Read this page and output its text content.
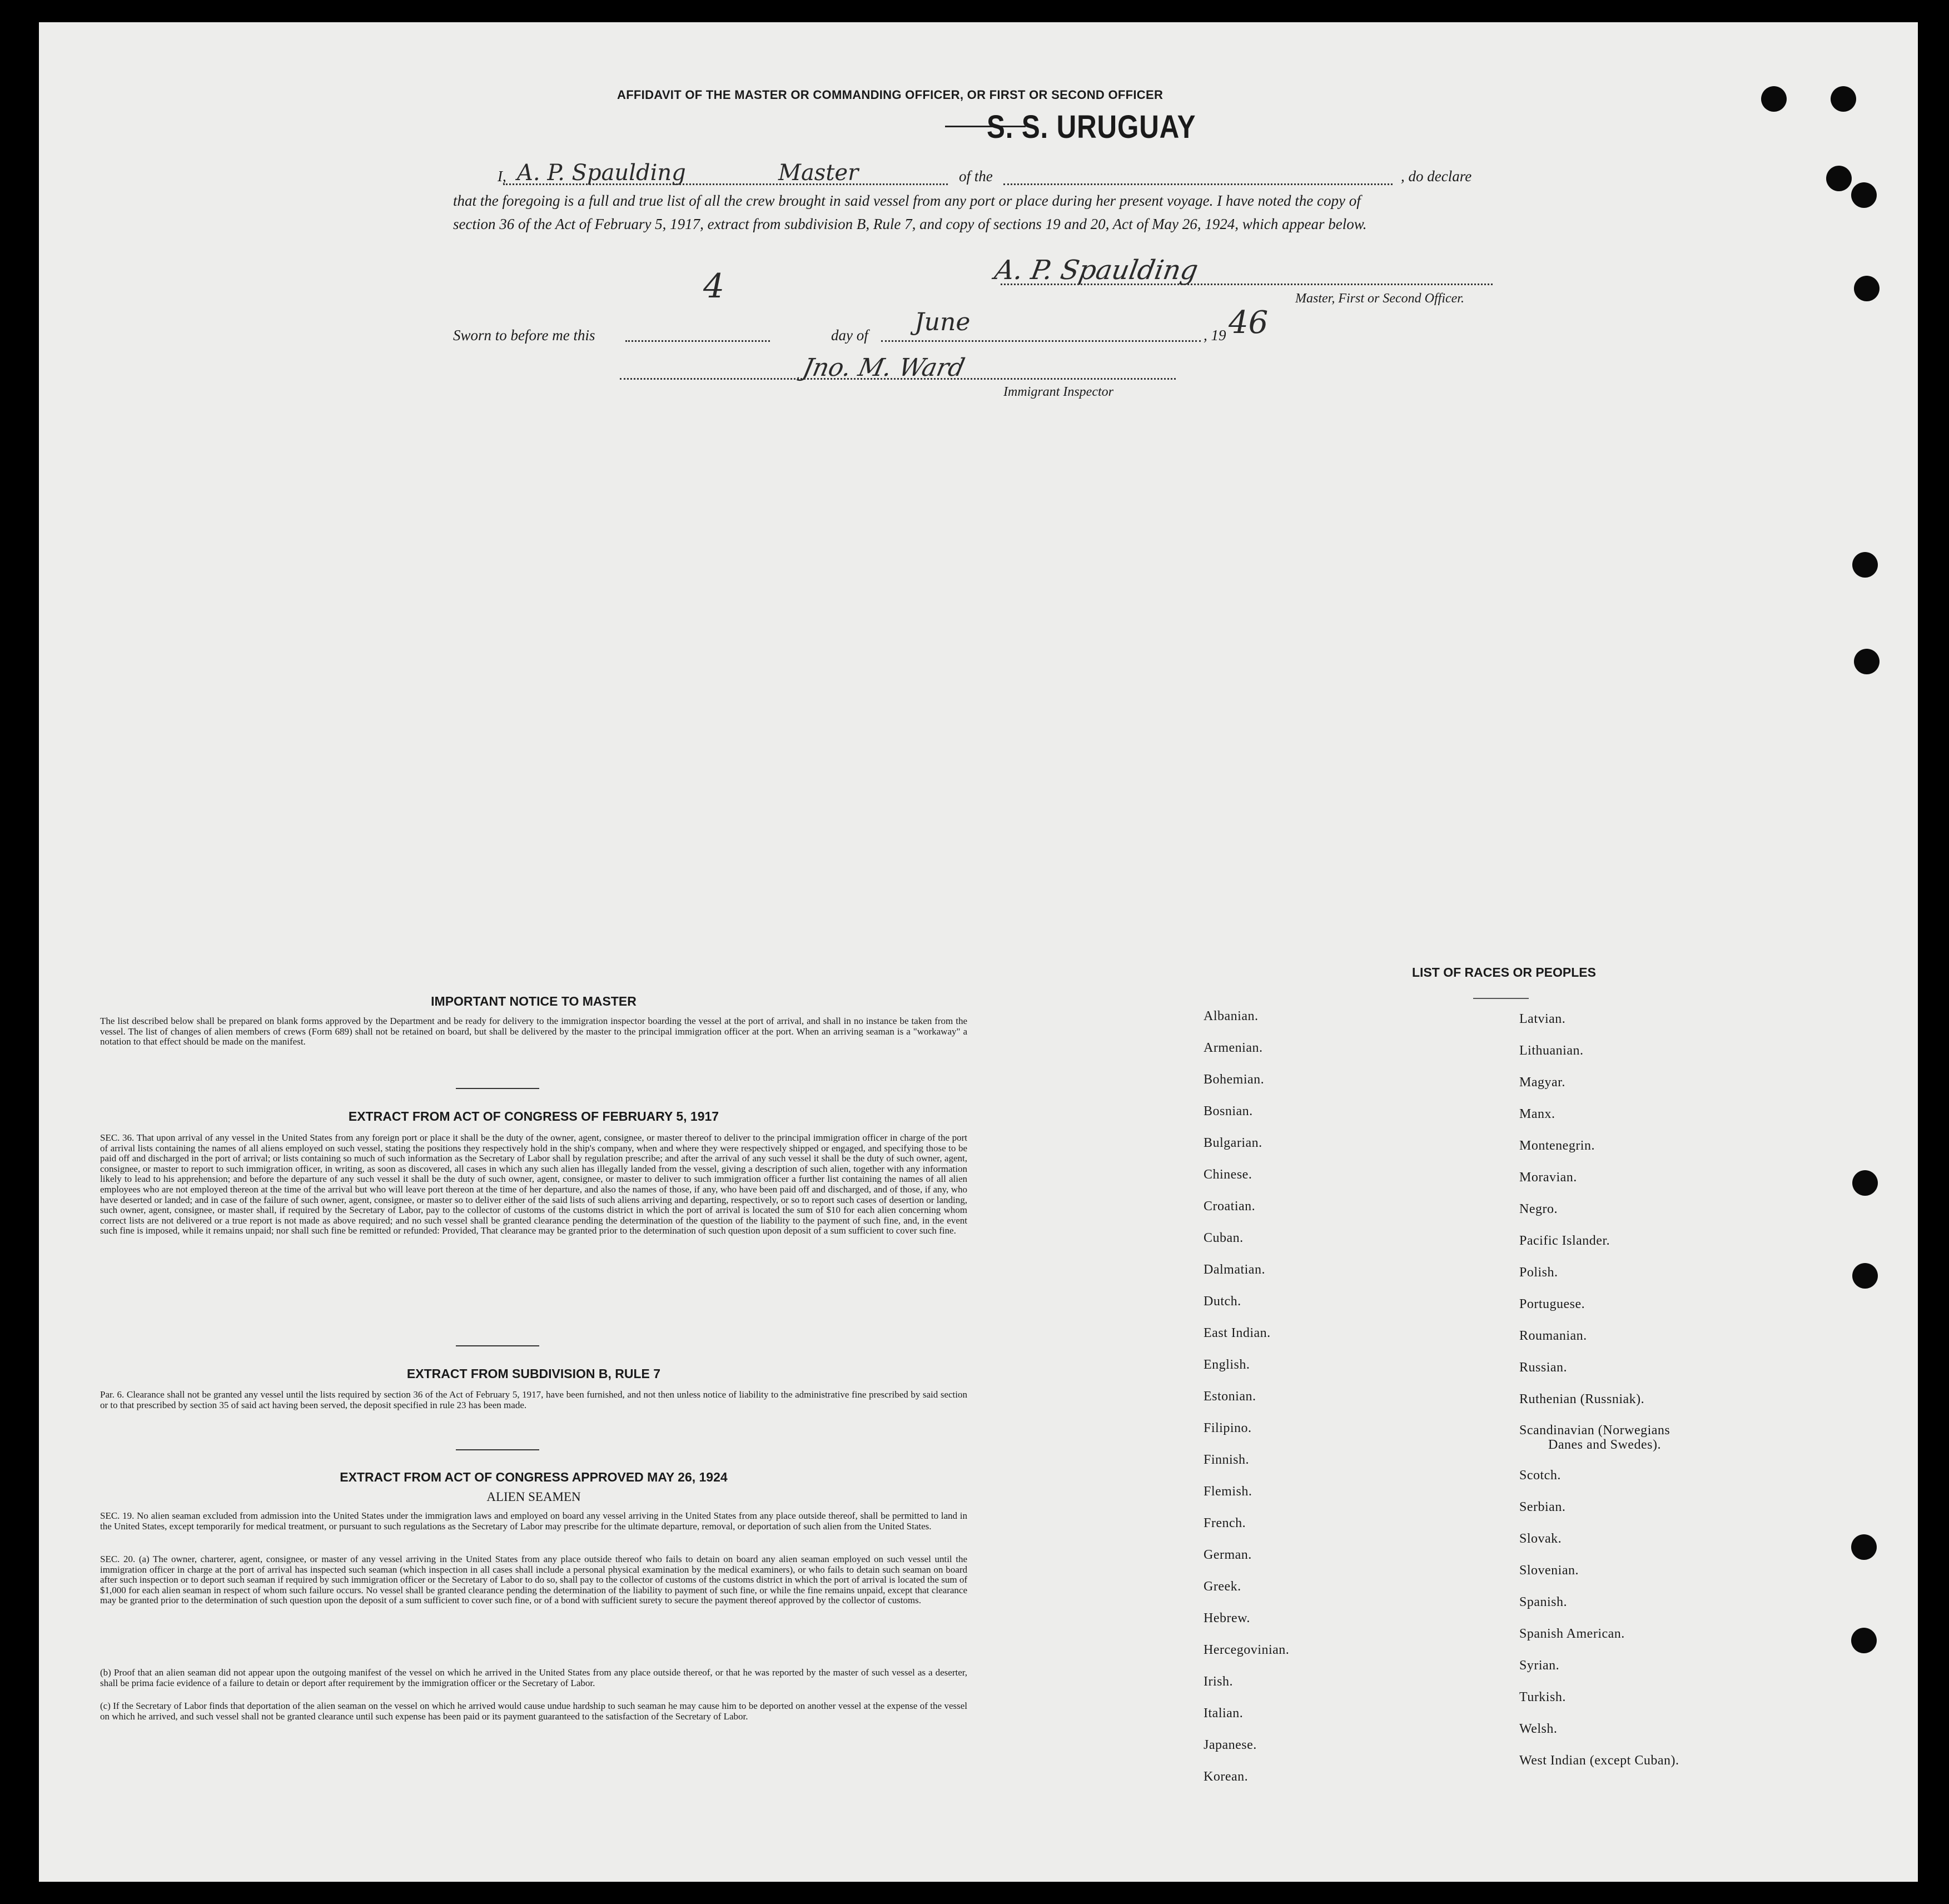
AFFIDAVIT OF THE MASTER OR COMMANDING OFFICER, OR FIRST OR SECOND OFFICER
S. S. URUGUAY
I, A. P. Spaulding	Master	of the	, do declare
that the foregoing is a full and true list of all the crew brought in said vessel from any port or place during her present voyage. I have noted the copy of
section 36 of the Act of February 5, 1917, extract from subdivision B, Rule 7, and copy of sections 19 and 20, Act of May 26, 1924, which appear below.
A. P. Spaulding
Master, First or Second Officer.
4
Sworn to before me this	day of June	, 19 46
Jno. M. Ward
Immigrant Inspector
IMPORTANT NOTICE TO MASTER
The list described below shall be prepared on blank forms approved by the Department and be ready for delivery to the immigration inspector boarding the vessel at the port of arrival, and shall in no instance be taken from the vessel. The list of changes of alien members of crews (Form 689) shall not be retained on board, but shall be delivered by the master to the principal immigration officer at the port. When an arriving seaman is a "workaway" a notation to that effect should be made on the manifest.
EXTRACT FROM ACT OF CONGRESS OF FEBRUARY 5, 1917
SEC. 36. That upon arrival of any vessel in the United States from any foreign port or place it shall be the duty of the owner, agent, consignee, or master thereof to deliver to the principal immigration officer in charge of the port of arrival lists containing the names of all aliens employed on such vessel, stating the positions they respectively hold in the ship's company, when and where they were respectively shipped or engaged, and specifying those to be paid off and discharged in the port of arrival; or lists containing so much of such information as the Secretary of Labor shall by regulation prescribe; and after the arrival of any such vessel it shall be the duty of such owner, agent, consignee, or master to report to such immigration officer, in writing, as soon as discovered, all cases in which any such alien has illegally landed from the vessel, giving a description of such alien, together with any information likely to lead to his apprehension; and before the departure of any such vessel it shall be the duty of such owner, agent, consignee, or master to deliver to such immigration officer a further list containing the names of all alien employees who are not employed thereon at the time of the arrival but who will leave port thereon at the time of her departure, and also the names of those, if any, who have been paid off and discharged, and of those, if any, who have deserted or landed; and in case of the failure of such owner, agent, consignee, or master so to deliver either of the said lists of such aliens arriving and departing, respectively, or so to report such cases of desertion or landing, such owner, agent, consignee, or master shall, if required by the Secretary of Labor, pay to the collector of customs of the customs district in which the port of arrival is located the sum of $10 for each alien concerning whom correct lists are not delivered or a true report is not made as above required; and no such vessel shall be granted clearance pending the determination of the question of the liability to the payment of such fine, and, in the event such fine is imposed, while it remains unpaid; nor shall such fine be remitted or refunded: Provided, That clearance may be granted prior to the determination of such question upon deposit of a sum sufficient to cover such fine.
EXTRACT FROM SUBDIVISION B, RULE 7
Par. 6. Clearance shall not be granted any vessel until the lists required by section 36 of the Act of February 5, 1917, have been furnished, and not then unless notice of liability to the administrative fine prescribed by said section or to that prescribed by section 35 of said act having been served, the deposit specified in rule 23 has been made.
EXTRACT FROM ACT OF CONGRESS APPROVED MAY 26, 1924
ALIEN SEAMEN
SEC. 19. No alien seaman excluded from admission into the United States under the immigration laws and employed on board any vessel arriving in the United States from any place outside thereof, shall be permitted to land in the United States, except temporarily for medical treatment, or pursuant to such regulations as the Secretary of Labor may prescribe for the ultimate departure, removal, or deportation of such alien from the United States.
SEC. 20. (a) The owner, charterer, agent, consignee, or master of any vessel arriving in the United States from any place outside thereof who fails to detain on board any alien seaman employed on such vessel until the immigration officer in charge at the port of arrival has inspected such seaman (which inspection in all cases shall include a personal physical examination by the medical examiners), or who fails to detain such seaman on board after such inspection or to deport such seaman if required by such immigration officer or the Secretary of Labor to do so, shall pay to the collector of customs of the customs district in which the port of arrival is located the sum of $1,000 for each alien seaman in respect of whom such failure occurs. No vessel shall be granted clearance pending the determination of the liability to payment of such fine, or while the fine remains unpaid, except that clearance may be granted prior to the determination of such question upon the deposit of a sum sufficient to cover such fine, or of a bond with sufficient surety to secure the payment thereof approved by the collector of customs.
(b) Proof that an alien seaman did not appear upon the outgoing manifest of the vessel on which he arrived in the United States from any place outside thereof, or that he was reported by the master of such vessel as a deserter, shall be prima facie evidence of a failure to detain or deport after requirement by the immigration officer or the Secretary of Labor.
(c) If the Secretary of Labor finds that deportation of the alien seaman on the vessel on which he arrived would cause undue hardship to such seaman he may cause him to be deported on another vessel at the expense of the vessel on which he arrived, and such vessel shall not be granted clearance until such expense has been paid or its payment guaranteed to the satisfaction of the Secretary of Labor.
LIST OF RACES OR PEOPLES
Albanian.
Armenian.
Bohemian.
Bosnian.
Bulgarian.
Chinese.
Croatian.
Cuban.
Dalmatian.
Dutch.
East Indian.
English.
Estonian.
Filipino.
Finnish.
Flemish.
French.
German.
Greek.
Hebrew.
Hercegovinian.
Irish.
Italian.
Japanese.
Korean.
Latvian.
Lithuanian.
Magyar.
Manx.
Montenegrin.
Moravian.
Negro.
Pacific Islander.
Polish.
Portuguese.
Roumanian.
Russian.
Ruthenian (Russniak).
Scandinavian (Norwegians
Danes and Swedes).
Scotch.
Serbian.
Slovak.
Slovenian.
Spanish.
Spanish American.
Syrian.
Turkish.
Welsh.
West Indian (except Cuban).
